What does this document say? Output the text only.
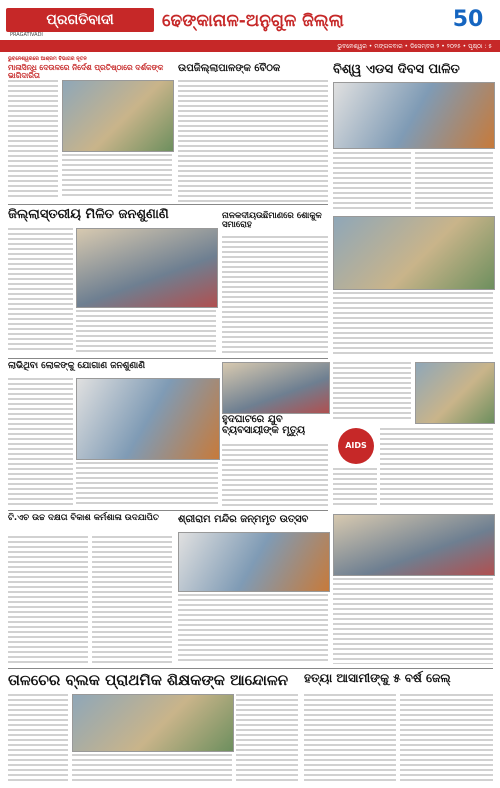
ପ୍ରଗତିବାଦୀ
PRAGATIVADI
ଢେଙ୍କାନାଳ-ଅନୁଗୁଳ ଜିଲ୍ଲା	50
ଭୁବନେଶ୍ୱର • ମଙ୍ଗଳବାର • ଡିସେମ୍ବର ୨ • ୨୦୨୫ • ପୃଷ୍ଠା : ୫
ଭୁବନେଶ୍ୱରରେ ଆଶ୍ରମ ବିଭାଗର ନୂତନ
ମାଳାସିନ୍ଧି ଦେଉଳରେ ନିର୍ଦେଶ ପ୍ରତିଷ୍ଠାରେ ଦର୍ଶକଙ୍କ ଭାଗିଦାରିତା
ଉପଜିଲ୍ଲାପାଳଙ୍କ ବୈଠକ	ବିଶ୍ୱ ଏଡସ ଦିବସ ପାଳିତ
ଜିଲ୍ଲାସ୍ତରୀୟ ମିଳିତ ଜନଶୁଣାଣି	ନାଳକଦୀୟଉଛିମାଣରେ ଶୋକୁଳ ସମାରୋହ
ଲାଭିଥିବା ଲୋକଙ୍କୁ ଯୋଗାଣ ଜନଶୁଣାଣି
ହୁଦଘାଟରେ ଯୁବ ବ୍ୟବସାୟୀଙ୍କ ମୃତ୍ୟୁ
AIDS
ଟି.ଏଚ ଉଚ୍ଚ ଦକ୍ଷତା ବିକାଶ କର୍ମଶାଳା ଉଦଯାପିତ	ଶ୍ରୀରାମ ମନ୍ଦିର ଜନ୍ମମୃତ ଉତ୍ସବ
ତାଳଚେର ବ୍ଲକ ପ୍ରାଥମିକ ଶିକ୍ଷକଙ୍କ ଆନ୍ଦୋଳନ	ହତ୍ୟା ଆସାମୀଙ୍କୁ ୫ ବର୍ଷ ଜେଲ୍
